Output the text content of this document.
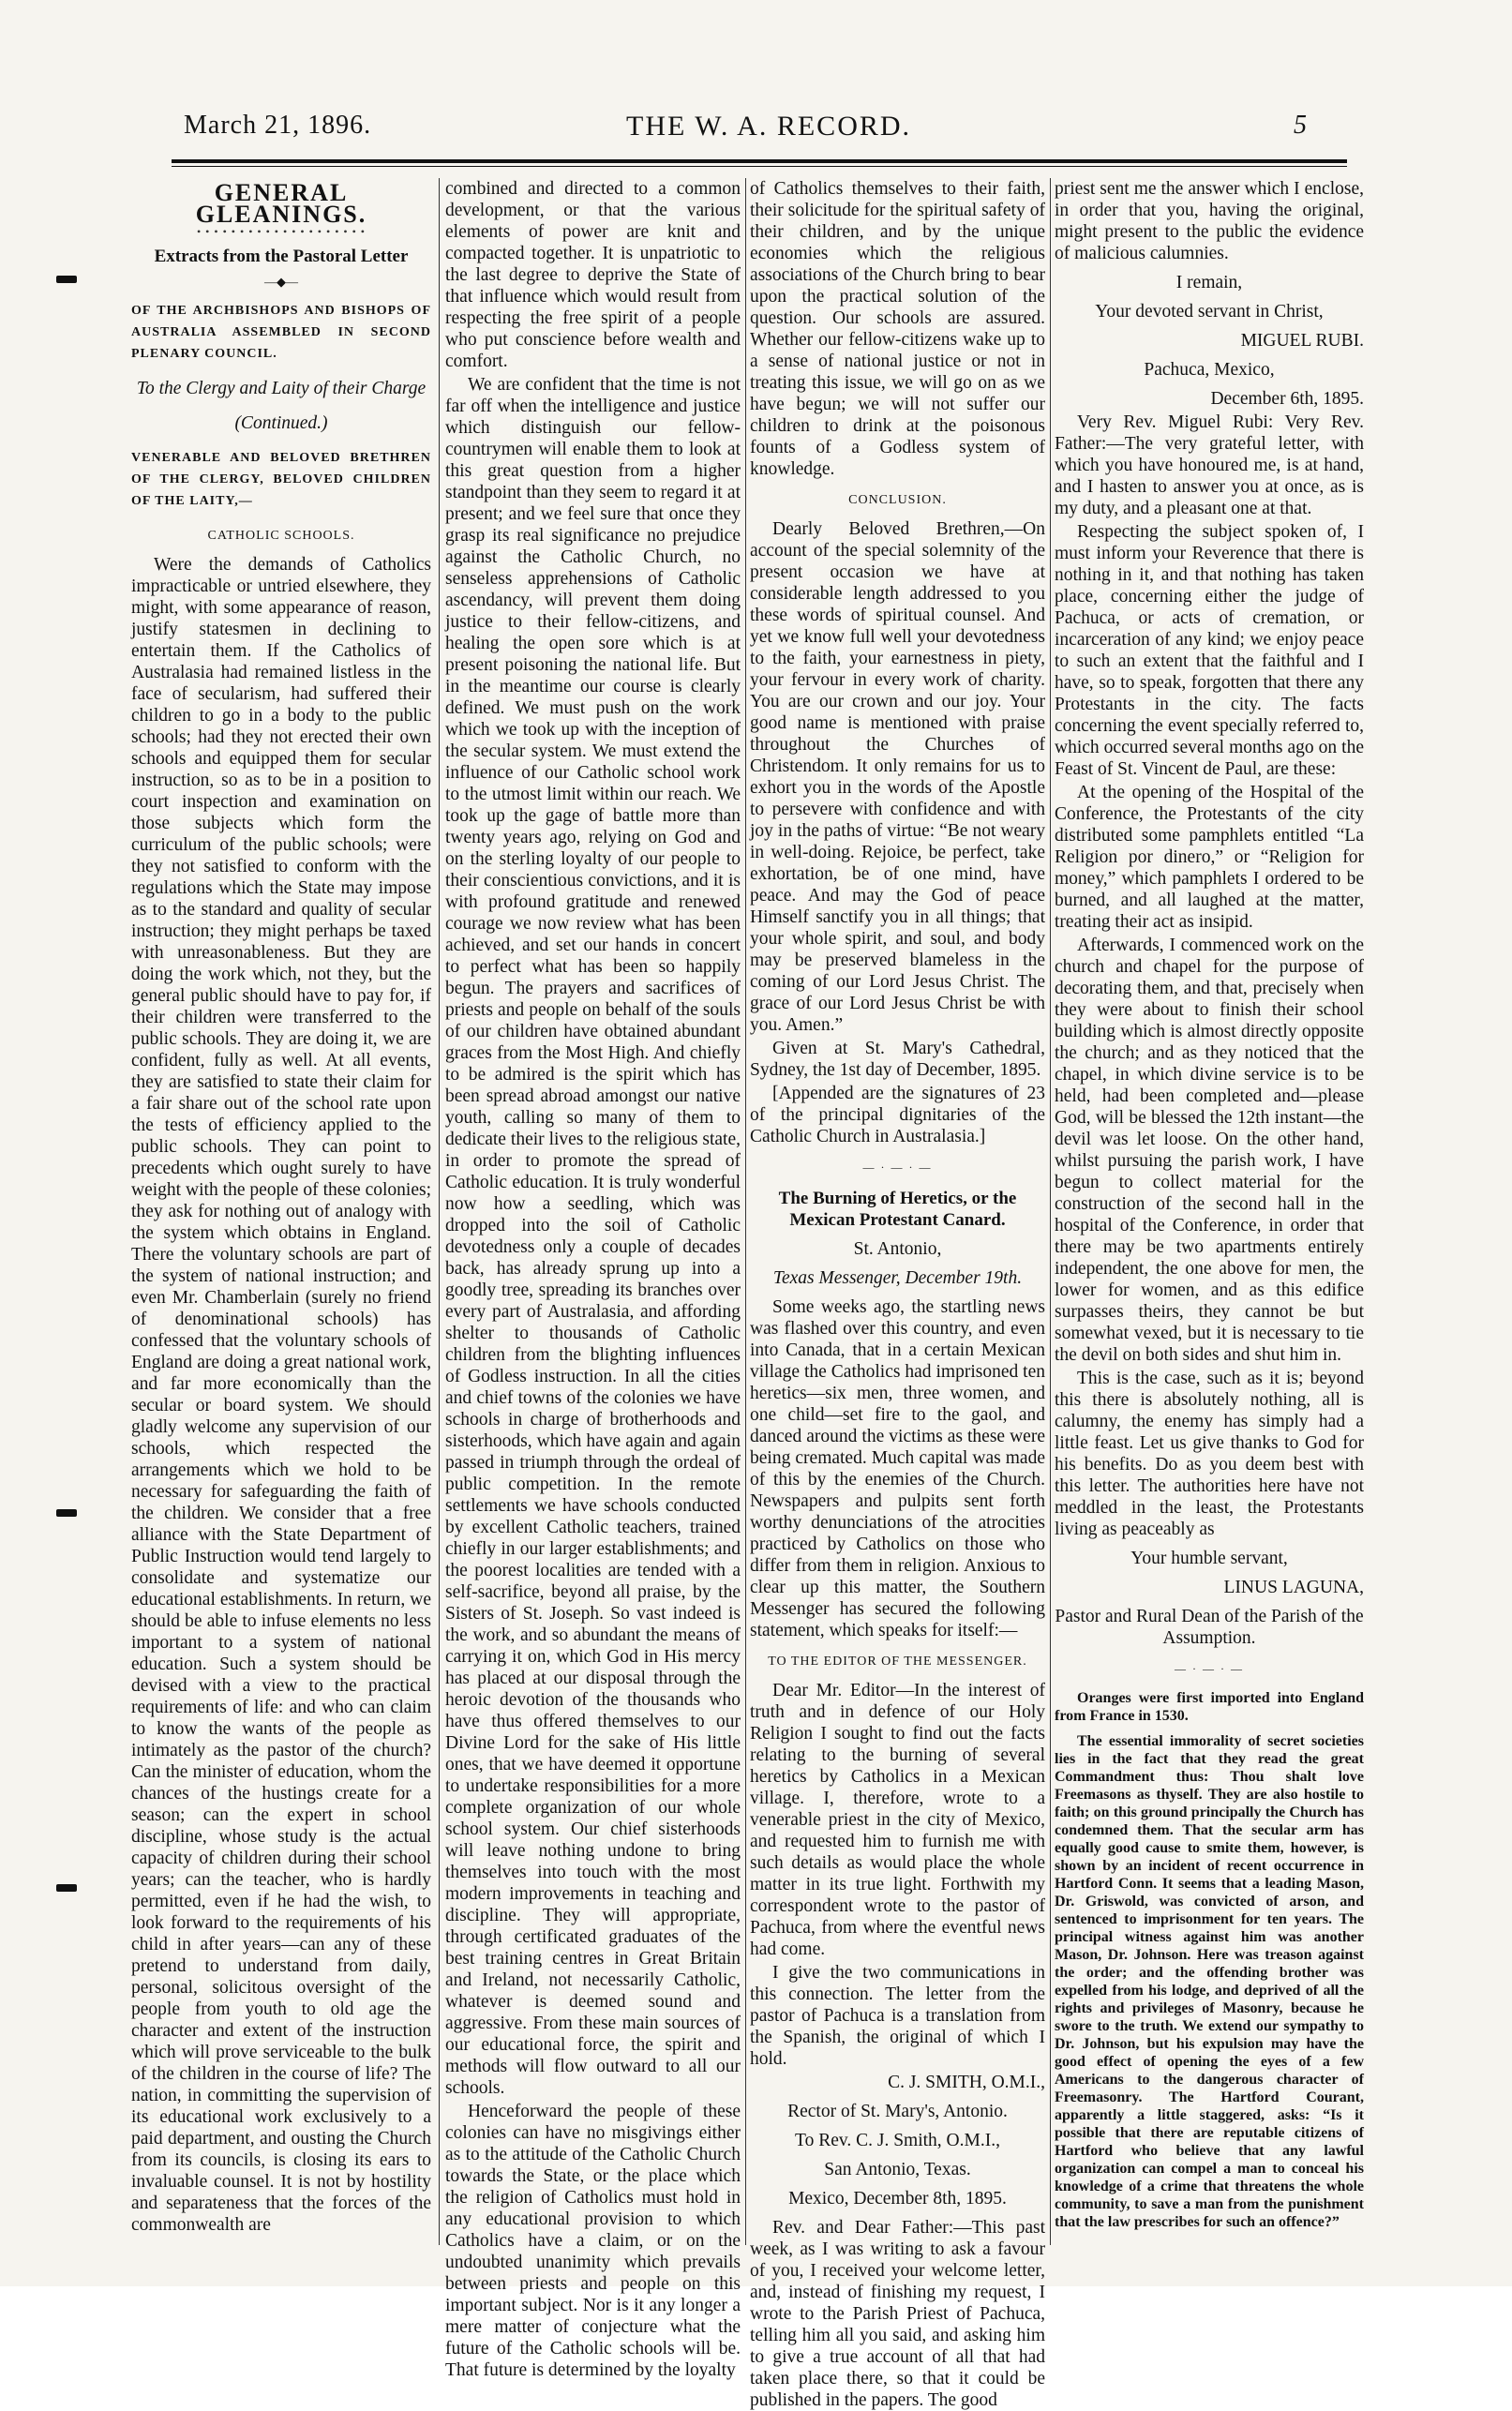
March 21, 1896.	THE W. A. RECORD.	5
GENERAL GLEANINGS.
• • • • • • • • • • • • • • • • • • • •
Extracts from the Pastoral Letter
—◆—

OF THE ARCHBISHOPS AND BISHOPS OF AUSTRALIA ASSEMBLED IN SECOND PLENARY COUNCIL.

To the Clergy and Laity of their Charge

(Continued.)

VENERABLE AND BELOVED BRETHREN OF THE CLERGY, BELOVED CHILDREN OF THE LAITY,—

CATHOLIC SCHOOLS.

Were the demands of Catholics impracticable or untried elsewhere, they might, with some appearance of reason, justify statesmen in declining to entertain them. If the Catholics of Australasia had remained listless in the face of secularism, had suffered their children to go in a body to the public schools; had they not erected their own schools and equipped them for secular instruction, so as to be in a position to court inspection and examination on those subjects which form the curriculum of the public schools; were they not satisfied to conform with the regulations which the State may impose as to the standard and quality of secular instruction; they might perhaps be taxed with unreasonableness. But they are doing the work which, not they, but the general public should have to pay for, if their children were transferred to the public schools. They are doing it, we are confident, fully as well. At all events, they are satisfied to state their claim for a fair share out of the school rate upon the tests of efficiency applied to the public schools. They can point to precedents which ought surely to have weight with the people of these colonies; they ask for nothing out of analogy with the system which obtains in England. There the voluntary schools are part of the system of national instruction; and even Mr. Chamberlain (surely no friend of denominational schools) has confessed that the voluntary schools of England are doing a great national work, and far more economically than the secular or board system. We should gladly welcome any supervision of our schools, which respected the arrangements which we hold to be necessary for safeguarding the faith of the children. We consider that a free alliance with the State Department of Public Instruction would tend largely to consolidate and systematize our educational establishments. In return, we should be able to infuse elements no less important to a system of national education. Such a system should be devised with a view to the practical requirements of life: and who can claim to know the wants of the people as intimately as the pastor of the church? Can the minister of education, whom the chances of the hustings create for a season; can the expert in school discipline, whose study is the actual capacity of children during their school years; can the teacher, who is hardly permitted, even if he had the wish, to look forward to the requirements of his child in after years—can any of these pretend to understand from daily, personal, solicitous oversight of the people from youth to old age the character and extent of the instruction which will prove serviceable to the bulk of the children in the course of life? The nation, in committing the supervision of its educational work exclusively to a paid department, and ousting the Church from its councils, is closing its ears to invaluable counsel. It is not by hostility and separateness that the forces of the commonwealth are

combined and directed to a common development, or that the various elements of power are knit and compacted together. It is unpatriotic to the last degree to deprive the State of that influence which would result from respecting the free spirit of a people who put conscience before wealth and comfort.

We are confident that the time is not far off when the intelligence and justice which distinguish our fellow-countrymen will enable them to look at this great question from a higher standpoint than they seem to regard it at present; and we feel sure that once they grasp its real significance no prejudice against the Catholic Church, no senseless apprehensions of Catholic ascendancy, will prevent them doing justice to their fellow-citizens, and healing the open sore which is at present poisoning the national life. But in the meantime our course is clearly defined. We must push on the work which we took up with the inception of the secular system. We must extend the influence of our Catholic school work to the utmost limit within our reach. We took up the gage of battle more than twenty years ago, relying on God and on the sterling loyalty of our people to their conscientious convictions, and it is with profound gratitude and renewed courage we now review what has been achieved, and set our hands in concert to perfect what has been so happily begun. The prayers and sacrifices of priests and people on behalf of the souls of our children have obtained abundant graces from the Most High. And chiefly to be admired is the spirit which has been spread abroad amongst our native youth, calling so many of them to dedicate their lives to the religious state, in order to promote the spread of Catholic education. It is truly wonderful now how a seedling, which was dropped into the soil of Catholic devotedness only a couple of decades back, has already sprung up into a goodly tree, spreading its branches over every part of Australasia, and affording shelter to thousands of Catholic children from the blighting influences of Godless instruction. In all the cities and chief towns of the colonies we have schools in charge of brotherhoods and sisterhoods, which have again and again passed in triumph through the ordeal of public competition. In the remote settlements we have schools conducted by excellent Catholic teachers, trained chiefly in our larger establishments; and the poorest localities are tended with a self-sacrifice, beyond all praise, by the Sisters of St. Joseph. So vast indeed is the work, and so abundant the means of carrying it on, which God in His mercy has placed at our disposal through the heroic devotion of the thousands who have thus offered themselves to our Divine Lord for the sake of His little ones, that we have deemed it opportune to undertake responsibilities for a more complete organization of our whole school system. Our chief sisterhoods will leave nothing undone to bring themselves into touch with the most modern improvements in teaching and discipline. They will appropriate, through certificated graduates of the best training centres in Great Britain and Ireland, not necessarily Catholic, whatever is deemed sound and aggressive. From these main sources of our educational force, the spirit and methods will flow outward to all our schools.

Henceforward the people of these colonies can have no misgivings either as to the attitude of the Catholic Church towards the State, or the place which the religion of Catholics must hold in any educational provision to which Catholics have a claim, or on the undoubted unanimity which prevails between priests and people on this important subject. Nor is it any longer a mere matter of conjecture what the future of the Catholic schools will be. That future is determined by the loyalty

of Catholics themselves to their faith, their solicitude for the spiritual safety of their children, and by the unique economies which the religious associations of the Church bring to bear upon the practical solution of the question. Our schools are assured. Whether our fellow-citizens wake up to a sense of national justice or not in treating this issue, we will go on as we have begun; we will not suffer our children to drink at the poisonous founts of a Godless system of knowledge.

CONCLUSION.

Dearly Beloved Brethren,—On account of the special solemnity of the present occasion we have at considerable length addressed to you these words of spiritual counsel. And yet we know full well your devotedness to the faith, your earnestness in piety, your fervour in every work of charity. You are our crown and our joy. Your good name is mentioned with praise throughout the Churches of Christendom. It only remains for us to exhort you in the words of the Apostle to persevere with confidence and with joy in the paths of virtue: “Be not weary in well-doing. Rejoice, be perfect, take exhortation, be of one mind, have peace. And may the God of peace Himself sanctify you in all things; that your whole spirit, and soul, and body may be preserved blameless in the coming of our Lord Jesus Christ. The grace of our Lord Jesus Christ be with you. Amen.”

Given at St. Mary's Cathedral, Sydney, the 1st day of December, 1895.

[Appended are the signatures of 23 of the principal dignitaries of the Catholic Church in Australasia.]

— · — · —
The Burning of Heretics, or the Mexican Protestant Canard.

St. Antonio,

Texas Messenger, December 19th.

Some weeks ago, the startling news was flashed over this country, and even into Canada, that in a certain Mexican village the Catholics had imprisoned ten heretics—six men, three women, and one child—set fire to the gaol, and danced around the victims as these were being cremated. Much capital was made of this by the enemies of the Church. Newspapers and pulpits sent forth worthy denunciations of the atrocities practiced by Catholics on those who differ from them in religion. Anxious to clear up this matter, the Southern Messenger has secured the following statement, which speaks for itself:—

TO THE EDITOR OF THE MESSENGER.

Dear Mr. Editor—In the interest of truth and in defence of our Holy Religion I sought to find out the facts relating to the burning of several heretics by Catholics in a Mexican village. I, therefore, wrote to a venerable priest in the city of Mexico, and requested him to furnish me with such details as would place the whole matter in its true light. Forthwith my correspondent wrote to the pastor of Pachuca, from where the eventful news had come.

I give the two communications in this connection. The letter from the pastor of Pachuca is a translation from the Spanish, the original of which I hold.

C. J. SMITH, O.M.I.,

Rector of St. Mary's, Antonio.

To Rev. C. J. Smith, O.M.I.,

San Antonio, Texas.

Mexico, December 8th, 1895.

Rev. and Dear Father:—This past week, as I was writing to ask a favour of you, I received your welcome letter, and, instead of finishing my request, I wrote to the Parish Priest of Pachuca, telling him all you said, and asking him to give a true account of all that had taken place there, so that it could be published in the papers. The good

priest sent me the answer which I enclose, in order that you, having the original, might present to the public the evidence of malicious calumnies.

I remain,

Your devoted servant in Christ,

MIGUEL RUBI.

Pachuca, Mexico,

December 6th, 1895.

Very Rev. Miguel Rubi: Very Rev. Father:—The very grateful letter, with which you have honoured me, is at hand, and I hasten to answer you at once, as is my duty, and a pleasant one at that.

Respecting the subject spoken of, I must inform your Reverence that there is nothing in it, and that nothing has taken place, concerning either the judge of Pachuca, or acts of cremation, or incarceration of any kind; we enjoy peace to such an extent that the faithful and I have, so to speak, forgotten that there any Protestants in the city. The facts concerning the event specially referred to, which occurred several months ago on the Feast of St. Vincent de Paul, are these:

At the opening of the Hospital of the Conference, the Protestants of the city distributed some pamphlets entitled “La Religion por dinero,” or “Religion for money,” which pamphlets I ordered to be burned, and all laughed at the matter, treating their act as insipid.

Afterwards, I commenced work on the church and chapel for the purpose of decorating them, and that, precisely when they were about to finish their school building which is almost directly opposite the church; and as they noticed that the chapel, in which divine service is to be held, had been completed and—please God, will be blessed the 12th instant—the devil was let loose. On the other hand, whilst pursuing the parish work, I have begun to collect material for the construction of the second hall in the hospital of the Conference, in order that there may be two apartments entirely independent, the one above for men, the lower for women, and as this edifice surpasses theirs, they cannot be but somewhat vexed, but it is necessary to tie the devil on both sides and shut him in.

This is the case, such as it is; beyond this there is absolutely nothing, all is calumny, the enemy has simply had a little feast. Let us give thanks to God for his benefits. Do as you deem best with this letter. The authorities here have not meddled in the least, the Protestants living as peaceably as

Your humble servant,

LINUS LAGUNA,

Pastor and Rural Dean of the Parish of the Assumption.

— · — · —

Oranges were first imported into England from France in 1530.

The essential immorality of secret societies lies in the fact that they read the great Commandment thus: Thou shalt love Freemasons as thyself. They are also hostile to faith; on this ground principally the Church has condemned them. That the secular arm has equally good cause to smite them, however, is shown by an incident of recent occurrence in Hartford Conn. It seems that a leading Mason, Dr. Griswold, was convicted of arson, and sentenced to imprisonment for ten years. The principal witness against him was another Mason, Dr. Johnson. Here was treason against the order; and the offending brother was expelled from his lodge, and deprived of all the rights and privileges of Masonry, because he swore to the truth. We extend our sympathy to Dr. Johnson, but his expulsion may have the good effect of opening the eyes of a few Americans to the dangerous character of Freemasonry. The Hartford Courant, apparently a little staggered, asks: “Is it possible that there are reputable citizens of Hartford who believe that any lawful organization can compel a man to conceal his knowledge of a crime that threatens the whole community, to save a man from the punishment that the law prescribes for such an offence?”
